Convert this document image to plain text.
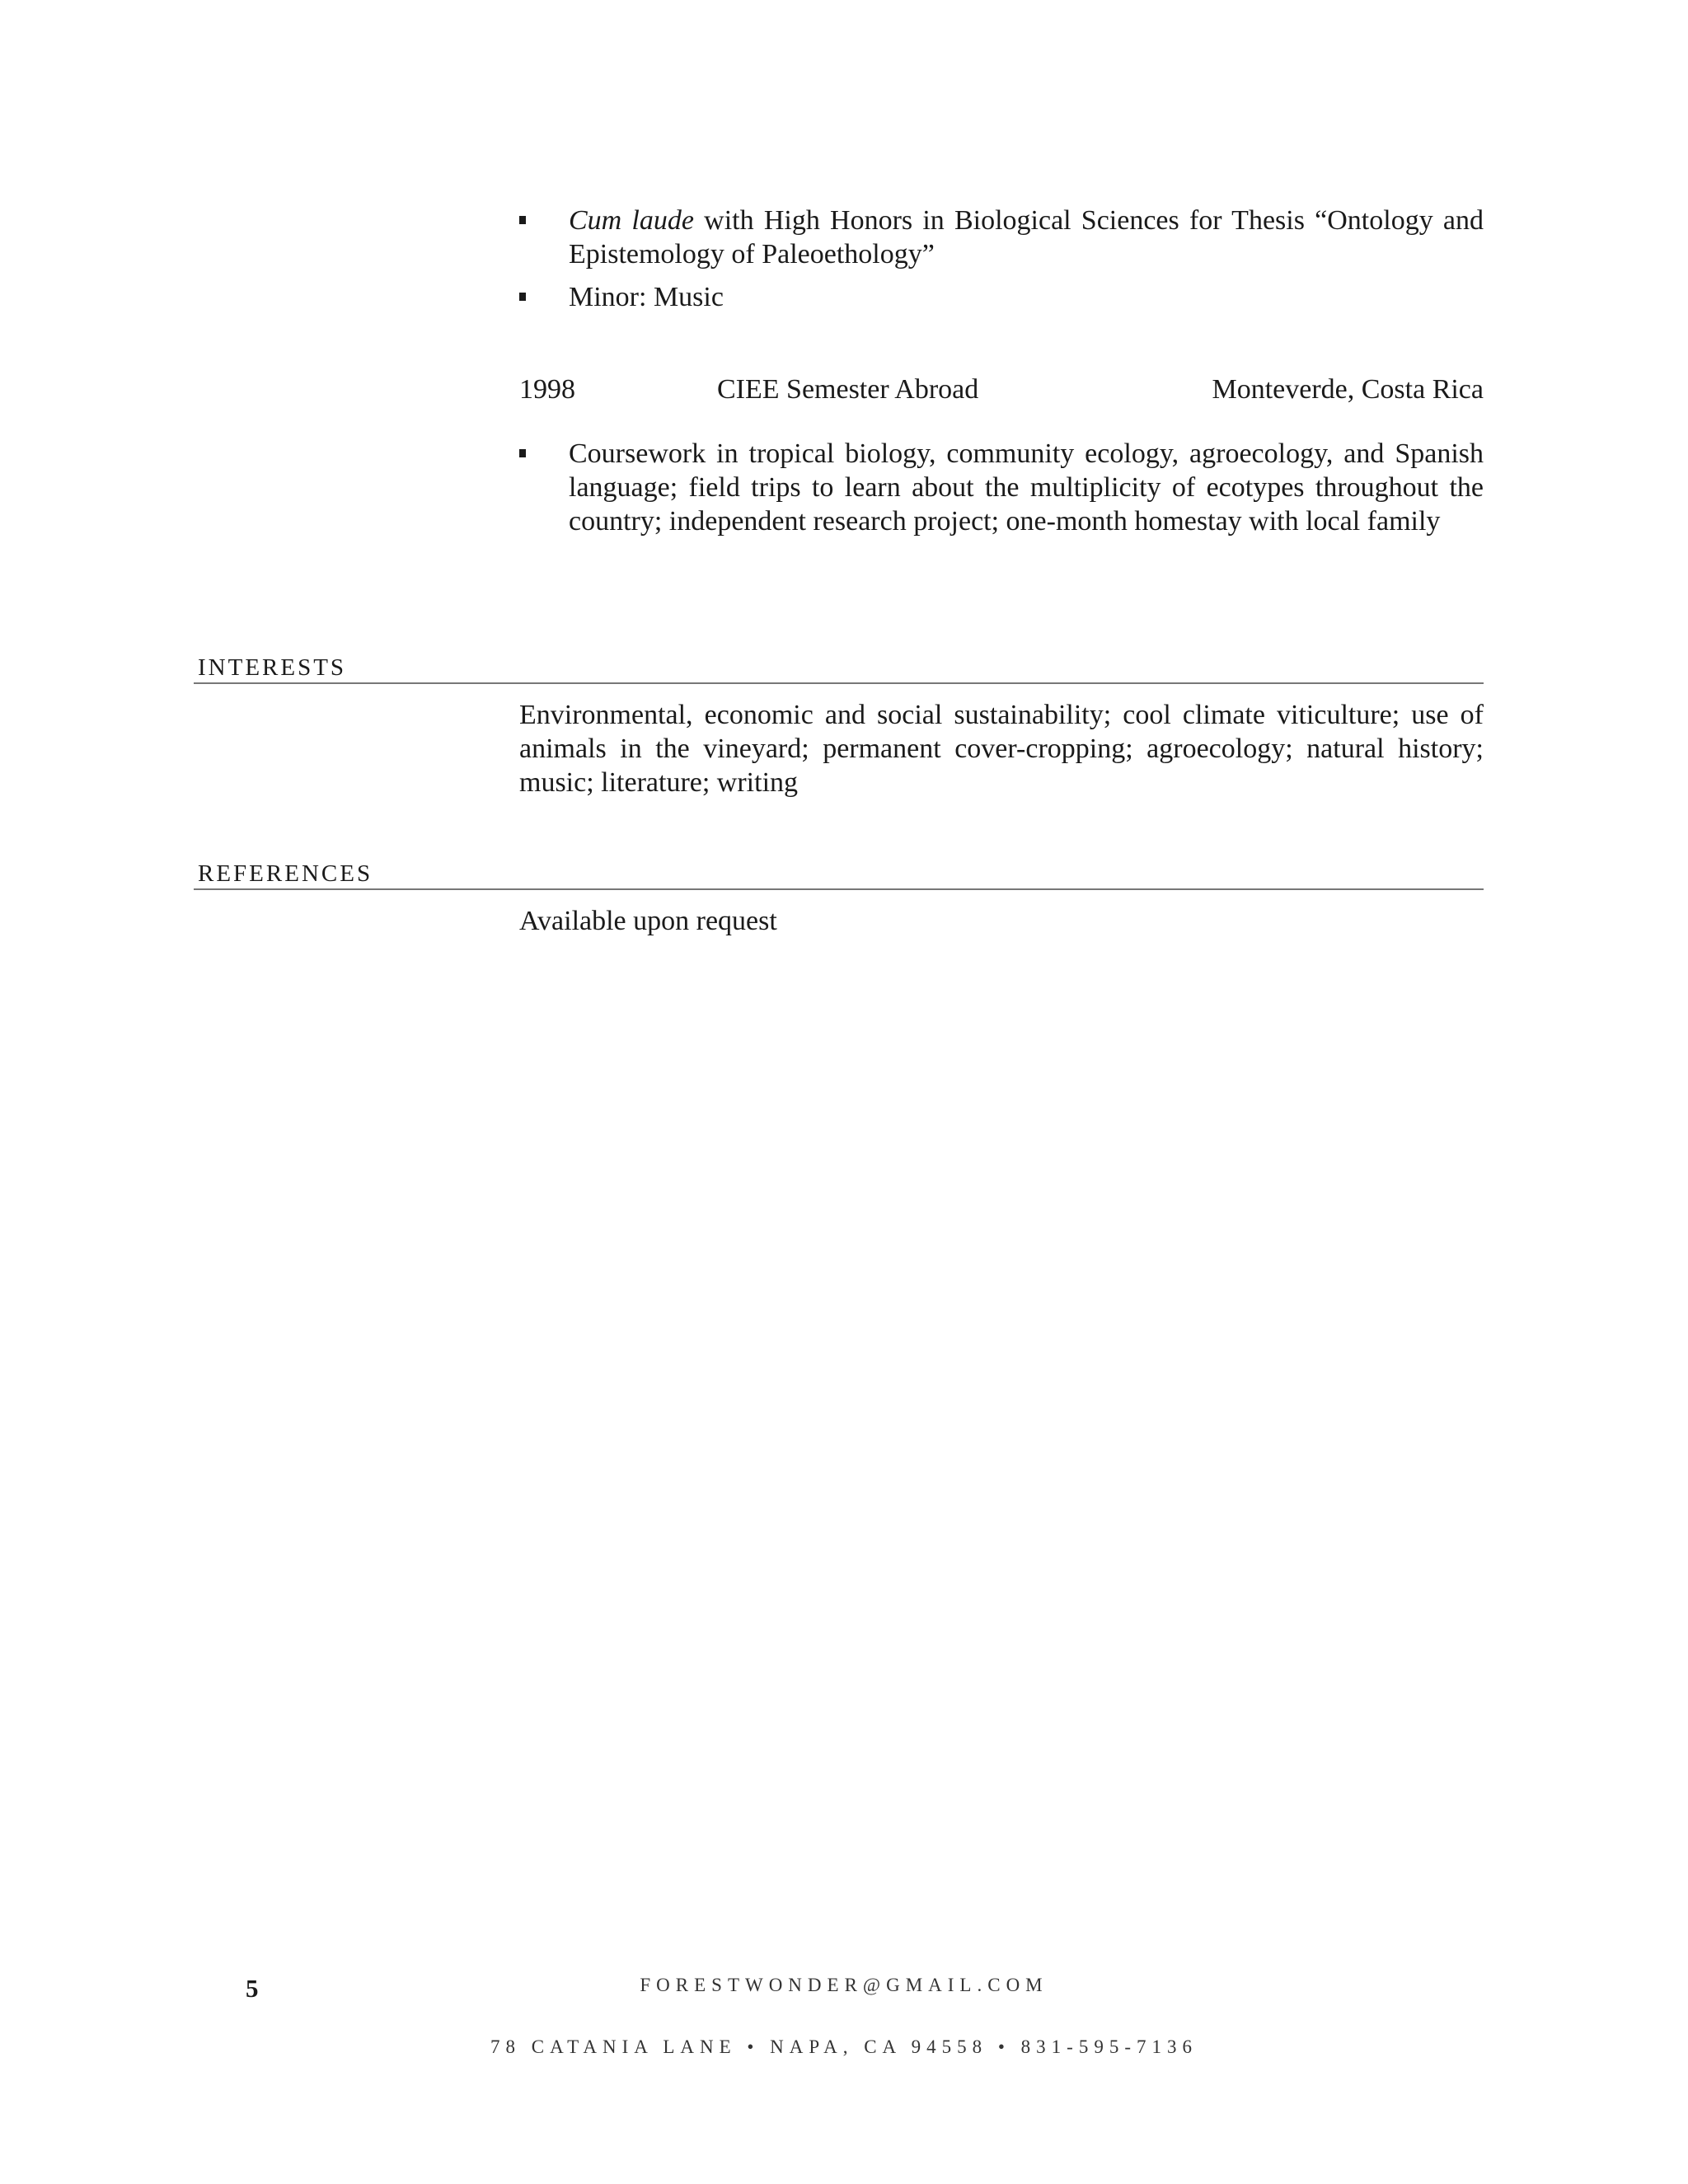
Cum laude with High Honors in Biological Sciences for Thesis “Ontology and Epistemology of Paleoethology”
Minor: Music
1998	CIEE Semester Abroad	Monteverde, Costa Rica
Coursework in tropical biology, community ecology, agroecology, and Spanish language; field trips to learn about the multiplicity of ecotypes throughout the country; independent research project; one-month homestay with local family
INTERESTS
Environmental, economic and social sustainability; cool climate viticulture; use of animals in the vineyard; permanent cover-cropping; agroecology; natural history; music; literature; writing
REFERENCES
Available upon request
5	FORESTWONDER@GMAIL.COM
78 CATANIA LANE • NAPA, CA 94558 • 831-595-7136
